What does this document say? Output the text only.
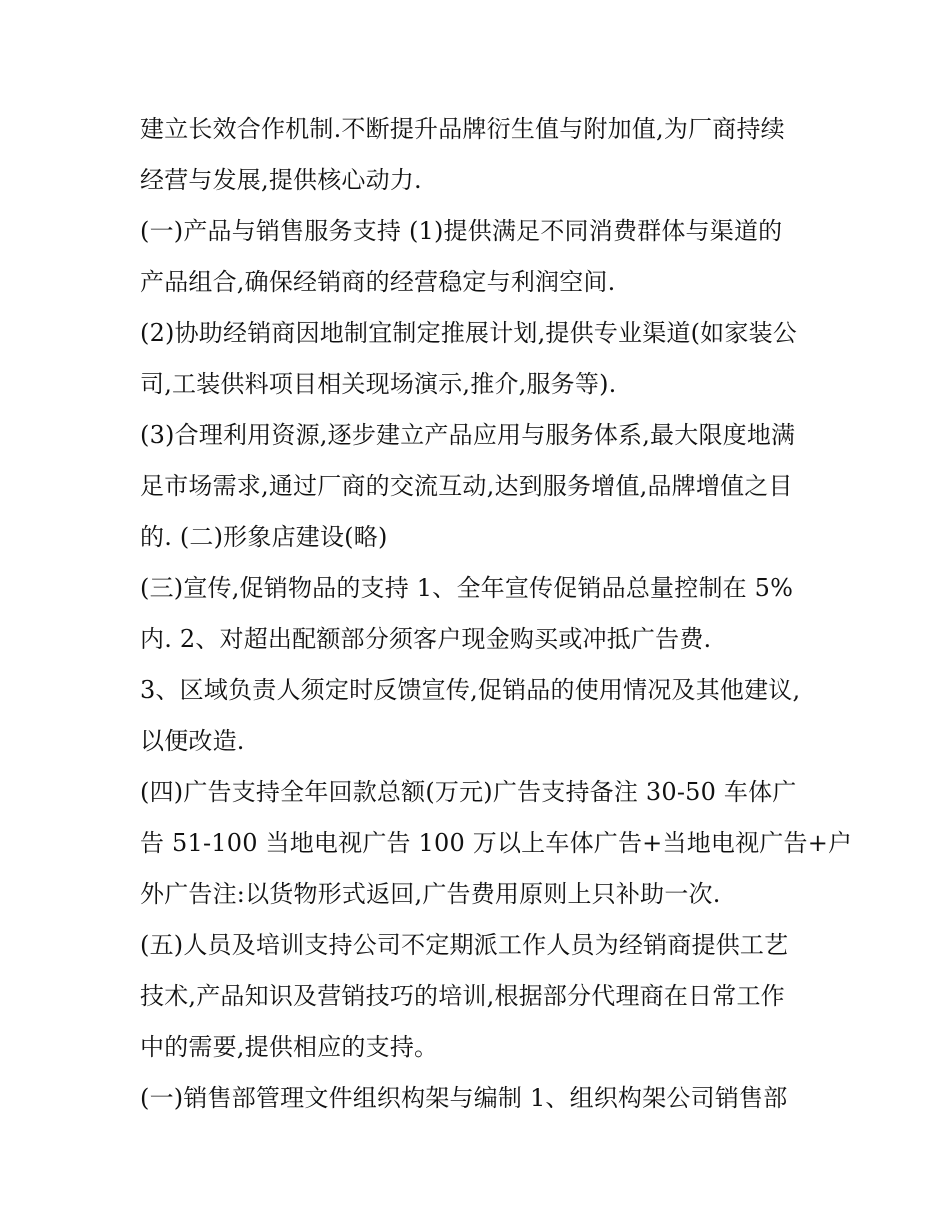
建立长效合作机制.不断提升品牌衍生值与附加值,为厂商持续
经营与发展,提供核心动力.
(一)产品与销售服务支持 (1)提供满足不同消费群体与渠道的
产品组合,确保经销商的经营稳定与利润空间.
(2)协助经销商因地制宜制定推展计划,提供专业渠道(如家装公
司,工装供料项目相关现场演示,推介,服务等).
(3)合理利用资源,逐步建立产品应用与服务体系,最大限度地满
足市场需求,通过厂商的交流互动,达到服务增值,品牌增值之目
的. (二)形象店建设(略)
(三)宣传,促销物品的支持 1、全年宣传促销品总量控制在 5%
内. 2、对超出配额部分须客户现金购买或冲抵广告费.
3、区域负责人须定时反馈宣传,促销品的使用情况及其他建议,
以便改造.
(四)广告支持全年回款总额(万元)广告支持备注 30-50 车体广
告 51-100 当地电视广告 100 万以上车体广告+当地电视广告+户
外广告注:以货物形式返回,广告费用原则上只补助一次.
(五)人员及培训支持公司不定期派工作人员为经销商提供工艺
技术,产品知识及营销技巧的培训,根据部分代理商在日常工作
中的需要,提供相应的支持。
(一)销售部管理文件组织构架与编制 1、组织构架公司销售部
